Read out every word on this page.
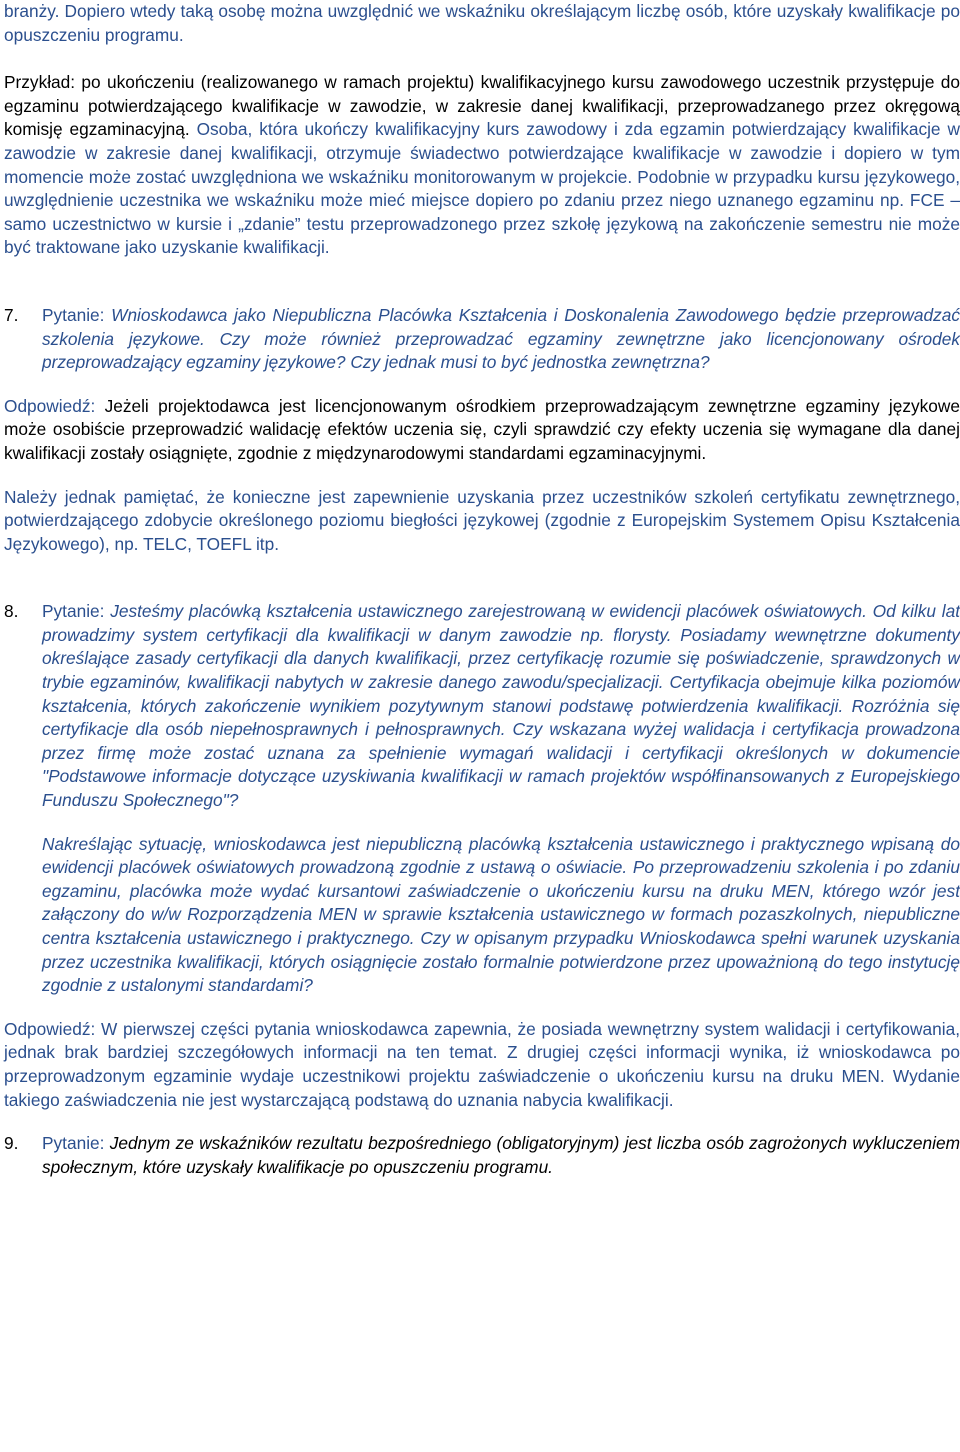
branży. Dopiero wtedy taką osobę można uwzględnić we wskaźniku określającym liczbę osób, które uzyskały kwalifikacje po opuszczeniu programu.

Przykład: po ukończeniu (realizowanego w ramach projektu) kwalifikacyjnego kursu zawodowego uczestnik przystępuje do egzaminu potwierdzającego kwalifikacje w zawodzie, w zakresie danej kwalifikacji, przeprowadzanego przez okręgową komisję egzaminacyjną. Osoba, która ukończy kwalifikacyjny kurs zawodowy i zda egzamin potwierdzający kwalifikacje w zawodzie w zakresie danej kwalifikacji, otrzymuje świadectwo potwierdzające kwalifikacje w zawodzie i dopiero w tym momencie może zostać uwzględniona we wskaźniku monitorowanym w projekcie. Podobnie w przypadku kursu językowego, uwzględnienie uczestnika we wskaźniku może mieć miejsce dopiero po zdaniu przez niego uznanego egzaminu np. FCE – samo uczestnictwo w kursie i „zdanie” testu przeprowadzonego przez szkołę językową na zakończenie semestru nie może być traktowane jako uzyskanie kwalifikacji.

7. Pytanie: Wnioskodawca jako Niepubliczna Placówka Kształcenia i Doskonalenia Zawodowego będzie przeprowadzać szkolenia językowe. Czy może również przeprowadzać egzaminy zewnętrzne jako licencjonowany ośrodek przeprowadzający egzaminy językowe? Czy jednak musi to być jednostka zewnętrzna?

Odpowiedź: Jeżeli projektodawca jest licencjonowanym ośrodkiem przeprowadzającym zewnętrzne egzaminy językowe może osobiście przeprowadzić walidację efektów uczenia się, czyli sprawdzić czy efekty uczenia się wymagane dla danej kwalifikacji zostały osiągnięte, zgodnie z międzynarodowymi standardami egzaminacyjnymi.

Należy jednak pamiętać, że konieczne jest zapewnienie uzyskania przez uczestników szkoleń certyfikatu zewnętrznego, potwierdzającego zdobycie określonego poziomu biegłości językowej (zgodnie z Europejskim Systemem Opisu Kształcenia Językowego), np. TELC, TOEFL itp.

8. Pytanie: Jesteśmy placówką kształcenia ustawicznego zarejestrowaną w ewidencji placówek oświatowych. Od kilku lat prowadzimy system certyfikacji dla kwalifikacji w danym zawodzie np. florysty. Posiadamy wewnętrzne dokumenty określające zasady certyfikacji dla danych kwalifikacji, przez certyfikację rozumie się poświadczenie, sprawdzonych w trybie egzaminów, kwalifikacji nabytych w zakresie danego zawodu/specjalizacji. Certyfikacja obejmuje kilka poziomów kształcenia, których zakończenie wynikiem pozytywnym stanowi podstawę potwierdzenia kwalifikacji. Rozróżnia się certyfikacje dla osób niepełnosprawnych i pełnosprawnych. Czy wskazana wyżej walidacja i certyfikacja prowadzona przez firmę może zostać uznana za spełnienie wymagań walidacji i certyfikacji określonych w dokumencie "Podstawowe informacje dotyczące uzyskiwania kwalifikacji w ramach projektów współfinansowanych z Europejskiego Funduszu Społecznego"?

Nakreślając sytuację, wnioskodawca jest niepubliczną placówką kształcenia ustawicznego i praktycznego wpisaną do ewidencji placówek oświatowych prowadzoną zgodnie z ustawą o oświacie. Po przeprowadzeniu szkolenia i po zdaniu egzaminu, placówka może wydać kursantowi zaświadczenie o ukończeniu kursu na druku MEN, którego wzór jest załączony do w/w Rozporządzenia MEN w sprawie kształcenia ustawicznego w formach pozaszkolnych, niepubliczne centra kształcenia ustawicznego i praktycznego. Czy w opisanym przypadku Wnioskodawca spełni warunek uzyskania przez uczestnika kwalifikacji, których osiągnięcie zostało formalnie potwierdzone przez upoważnioną do tego instytucję zgodnie z ustalonymi standardami?

Odpowiedź: W pierwszej części pytania wnioskodawca zapewnia, że posiada wewnętrzny system walidacji i certyfikowania, jednak brak bardziej szczegółowych informacji na ten temat. Z drugiej części informacji wynika, iż wnioskodawca po przeprowadzonym egzaminie wydaje uczestnikowi projektu zaświadczenie o ukończeniu kursu na druku MEN. Wydanie takiego zaświadczenia nie jest wystarczającą podstawą do uznania nabycia kwalifikacji.

9. Pytanie: Jednym ze wskaźników rezultatu bezpośredniego (obligatoryjnym) jest liczba osób zagrożonych wykluczeniem społecznym, które uzyskały kwalifikacje po opuszczeniu programu.
